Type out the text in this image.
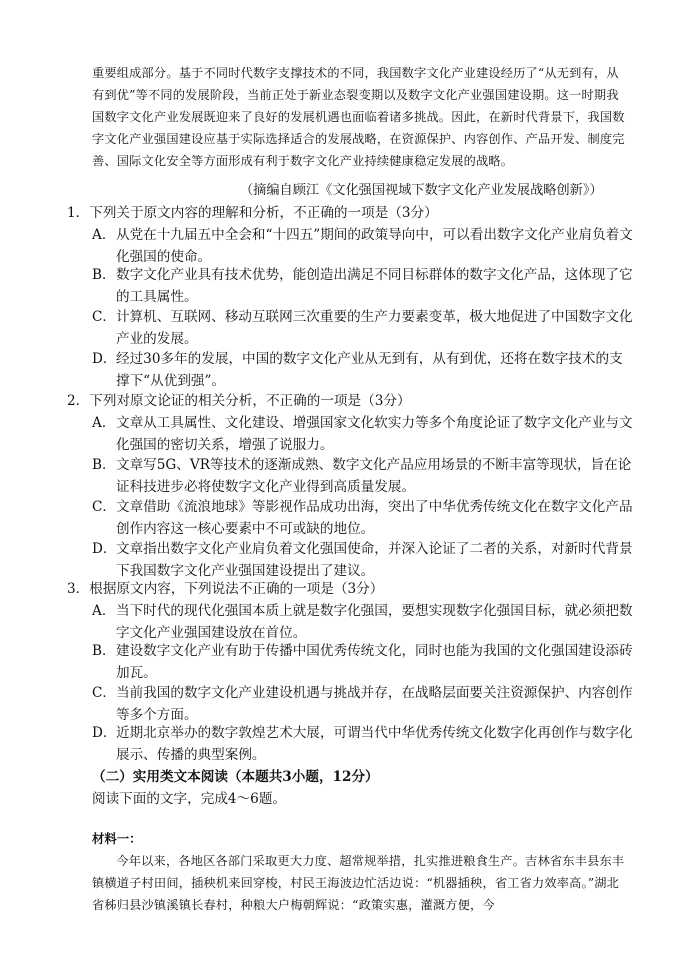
重要组成部分。基于不同时代数字支撑技术的不同，我国数字文化产业建设经历了“从无到有，从有到优”等不同的发展阶段，当前正处于新业态裂变期以及数字文化产业强国建设期。这一时期我国数字文化产业发展既迎来了良好的发展机遇也面临着诸多挑战。因此，在新时代背景下，我国数字文化产业强国建设应基于实际选择适合的发展战略，在资源保护、内容创作、产品开发、制度完善、国际文化安全等方面形成有利于数字文化产业持续健康稳定发展的战略。
（摘编自顾江《文化强国视域下数字文化产业发展战略创新》）
1．下列关于原文内容的理解和分析，不正确的一项是（3分）
A． 从党在十九届五中全会和“十四五”期间的政策导向中，可以看出数字文化产业肩负着文化强国的使命。
B． 数字文化产业具有技术优势，能创造出满足不同目标群体的数字文化产品，这体现了它的工具属性。
C． 计算机、互联网、移动互联网三次重要的生产力要素变革，极大地促进了中国数字文化产业的发展。
D． 经过30多年的发展，中国的数字文化产业从无到有，从有到优，还将在数字技术的支撑下“从优到强”。
2．下列对原文论证的相关分析，不正确的一项是（3分）
A． 文章从工具属性、文化建设、增强国家文化软实力等多个角度论证了数字文化产业与文化强国的密切关系，增强了说服力。
B． 文章写5G、VR等技术的逐渐成熟、数字文化产品应用场景的不断丰富等现状，旨在论证科技进步必将使数字文化产业得到高质量发展。
C． 文章借助《流浪地球》等影视作品成功出海，突出了中华优秀传统文化在数字文化产品创作内容这一核心要素中不可或缺的地位。
D． 文章指出数字文化产业肩负着文化强国使命，并深入论证了二者的关系，对新时代背景下我国数字文化产业强国建设提出了建议。
3．根据原文内容，下列说法不正确的一项是（3分）
A． 当下时代的现代化强国本质上就是数字化强国，要想实现数字化强国目标，就必须把数字文化产业强国建设放在首位。
B． 建设数字文化产业有助于传播中国优秀传统文化，同时也能为我国的文化强国建设添砖加瓦。
C． 当前我国的数字文化产业建设机遇与挑战并存，在战略层面要关注资源保护、内容创作等多个方面。
D． 近期北京举办的数字敦煌艺术大展，可谓当代中华优秀传统文化数字化再创作与数字化展示、传播的典型案例。
（二）实用类文本阅读（本题共3小题，12分）
阅读下面的文字，完成4～6题。
材料一：
今年以来，各地区各部门采取更大力度、超常规举措，扎实推进粮食生产。吉林省东丰县东丰镇横道子村田间，插秧机来回穿梭，村民王海波边忙活边说：“机器插秧，省工省力效率高。”湖北省秭归县沙镇溪镇长春村，种粮大户梅朝辉说：“政策实惠，灌溉方便，今
